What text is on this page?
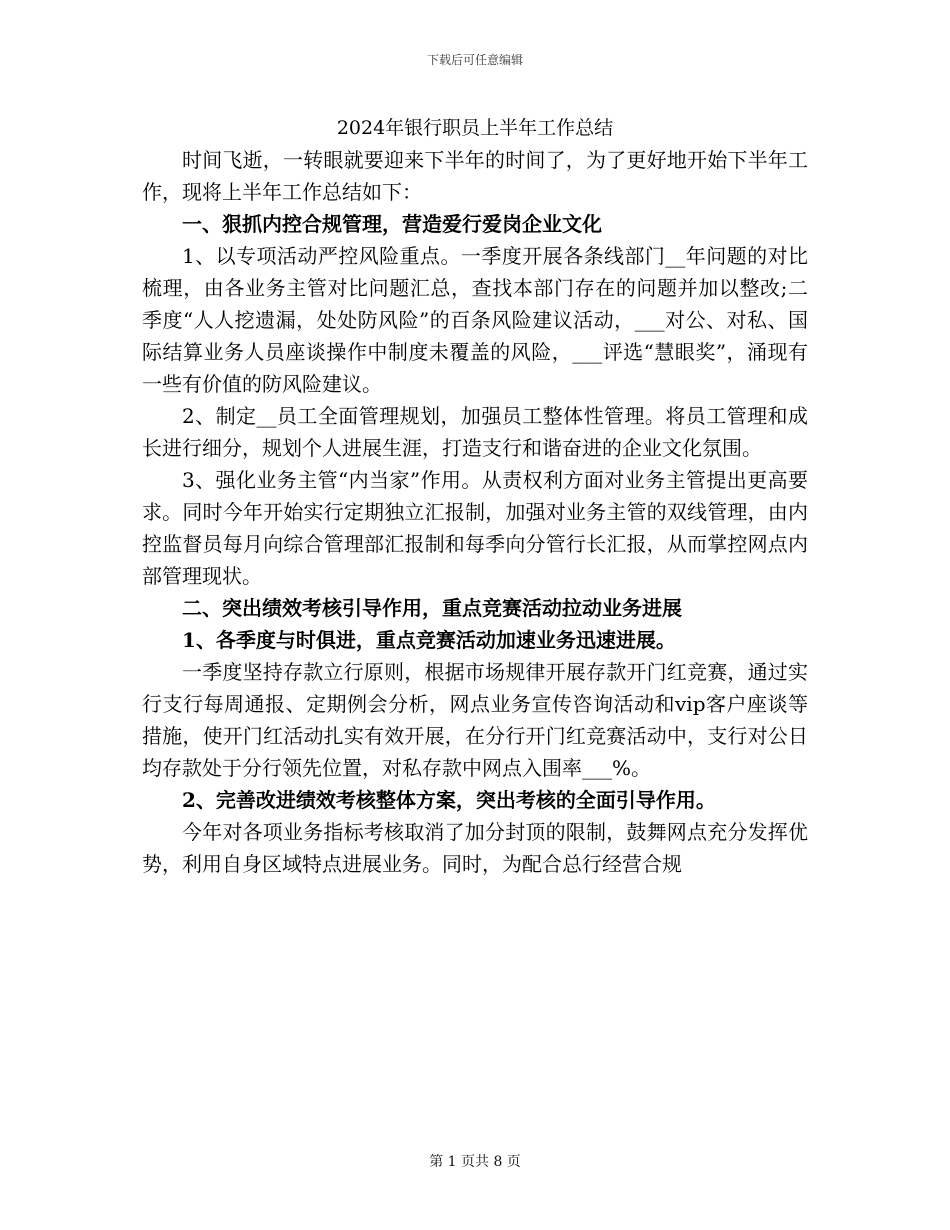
下载后可任意编辑
2024年银行职员上半年工作总结

时间飞逝，一转眼就要迎来下半年的时间了，为了更好地开始下半年工作，现将上半年工作总结如下：

一、狠抓内控合规管理，营造爱行爱岗企业文化

1、以专项活动严控风险重点。一季度开展各条线部门__年问题的对比梳理，由各业务主管对比问题汇总，查找本部门存在的问题并加以整改;二季度“人人挖遗漏，处处防风险”的百条风险建议活动，___对公、对私、国际结算业务人员座谈操作中制度未覆盖的风险，___评选“慧眼奖”，涌现有一些有价值的防风险建议。

2、制定__员工全面管理规划，加强员工整体性管理。将员工管理和成长进行细分，规划个人进展生涯，打造支行和谐奋进的企业文化氛围。

3、强化业务主管“内当家”作用。从责权利方面对业务主管提出更高要求。同时今年开始实行定期独立汇报制，加强对业务主管的双线管理，由内控监督员每月向综合管理部汇报制和每季向分管行长汇报，从而掌控网点内部管理现状。

二、突出绩效考核引导作用，重点竞赛活动拉动业务进展

1、各季度与时俱进，重点竞赛活动加速业务迅速进展。

一季度坚持存款立行原则，根据市场规律开展存款开门红竞赛，通过实行支行每周通报、定期例会分析，网点业务宣传咨询活动和vip客户座谈等措施，使开门红活动扎实有效开展，在分行开门红竞赛活动中，支行对公日均存款处于分行领先位置，对私存款中网点入围率___%。

2、完善改进绩效考核整体方案，突出考核的全面引导作用。

今年对各项业务指标考核取消了加分封顶的限制，鼓舞网点充分发挥优势，利用自身区域特点进展业务。同时，为配合总行经营合规

第 1 页共 8 页
